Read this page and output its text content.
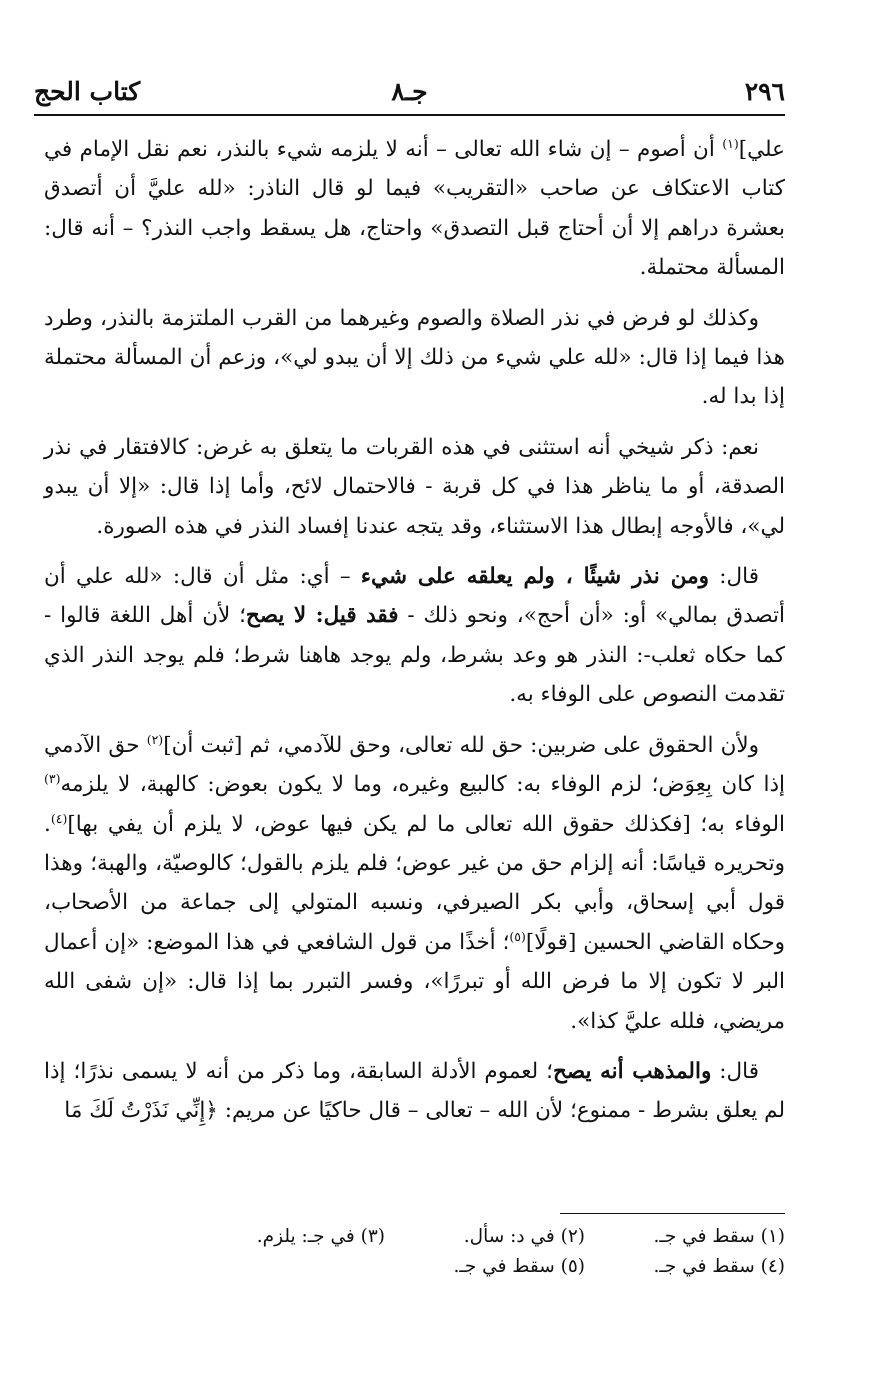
٢٩٦
جـ٨
كتاب الحج

علي]$^{(١)}$ أن أصوم – إن شاء الله تعالى – أنه لا يلزمه شيء بالنذر، نعم نقل الإمام في كتاب الاعتكاف عن صاحب «التقريب» فيما لو قال الناذر: «لله عليَّ أن أتصدق بعشرة دراهم إلا أن أحتاج قبل التصدق» واحتاج، هل يسقط واجب النذر؟ – أنه قال: المسألة محتملة.

وكذلك لو فرض في نذر الصلاة والصوم وغيرهما من القرب الملتزمة بالنذر، وطرد هذا فيما إذا قال: «لله علي شيء من ذلك إلا أن يبدو لي»، وزعم أن المسألة محتملة إذا بدا له.

نعم: ذكر شيخي أنه استثنى في هذه القربات ما يتعلق به غرض: كالافتقار في نذر الصدقة، أو ما يناظر هذا في كل قربة - فالاحتمال لائح، وأما إذا قال: «إلا أن يبدو لي»، فالأوجه إبطال هذا الاستثناء، وقد يتجه عندنا إفساد النذر في هذه الصورة.

قال: ومن نذر شيئًا ، ولم يعلقه على شيء – أي: مثل أن قال: «لله علي أن أتصدق بمالي» أو: «أن أحج»، ونحو ذلك - فقد قيل: لا يصح؛ لأن أهل اللغة قالوا - كما حكاه ثعلب-: النذر هو وعد بشرط، ولم يوجد هاهنا شرط؛ فلم يوجد النذر الذي تقدمت النصوص على الوفاء به.

ولأن الحقوق على ضربين: حق لله تعالى، وحق للآدمي، ثم [ثبت أن]$^{(٢)}$ حق الآدمي إذا كان بِعِوَض؛ لزم الوفاء به: كالبيع وغيره، وما لا يكون بعوض: كالهبة، لا يلزمه$^{(٣)}$ الوفاء به؛ [فكذلك حقوق الله تعالى ما لم يكن فيها عوض، لا يلزم أن يفي بها]$^{(٤)}$. وتحريره قياسًا: أنه إلزام حق من غير عوض؛ فلم يلزم بالقول؛ كالوصيّة، والهبة؛ وهذا قول أبي إسحاق، وأبي بكر الصيرفي، ونسبه المتولي إلى جماعة من الأصحاب، وحكاه القاضي الحسين [قولًا]$^{(٥)}$؛ أخذًا من قول الشافعي في هذا الموضع: «إن أعمال البر لا تكون إلا ما فرض الله أو تبررًا»، وفسر التبرر بما إذا قال: «إن شفى الله مريضي، فلله عليَّ كذا».

قال: والمذهب أنه يصح؛ لعموم الأدلة السابقة، وما ذكر من أنه لا يسمى نذرًا؛ إذا لم يعلق بشرط - ممنوع؛ لأن الله – تعالى – قال حاكيًا عن مريم: ﴿إِنِّي نَذَرْتُ لَكَ مَا

(١) سقط في جـ.
(٢) في د: سأل.
(٣) في جـ: يلزم.
(٤) سقط في جـ.
(٥) سقط في جـ.
